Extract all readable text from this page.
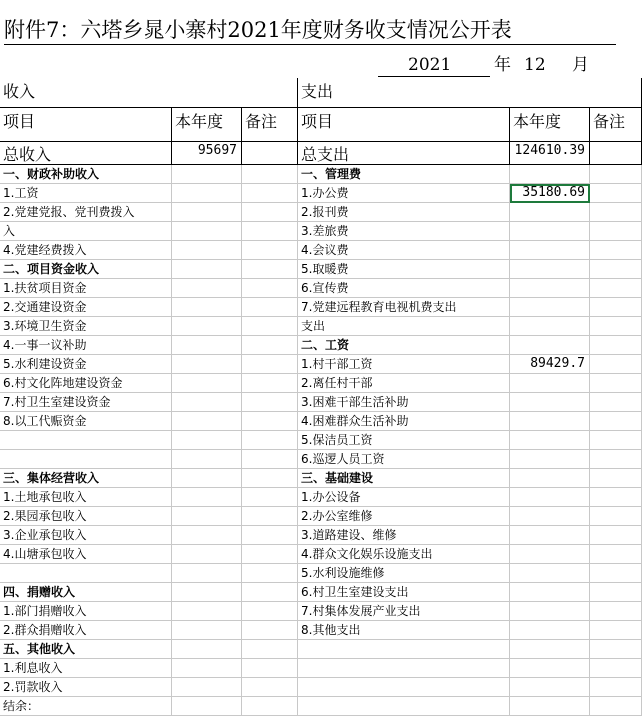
附件7：六塔乡晁小寨村2021年度财务收支情况公开表
2021	年 12 月
收入	支出
项目	本年度	备注	项目	本年度	备注
总收入	95697	总支出	124610.39
一、财政补助收入	一、管理费
1.工资	1.办公费	35180.69
2.党建党报、党刊费拨入	2.报刊费
入	3.差旅费
4.党建经费拨入	4.会议费
二、项目资金收入	5.取暖费
1.扶贫项目资金	6.宣传费
2.交通建设资金	7.党建远程教育电视机费支出
3.环境卫生资金	支出
4.一事一议补助	二、工资
5.水利建设资金	1.村干部工资	89429.7
6.村文化阵地建设资金	2.离任村干部
7.村卫生室建设资金	3.困难干部生活补助
8.以工代赈资金	4.困难群众生活补助
5.保洁员工资
6.巡逻人员工资
三、集体经营收入	三、基础建设
1.土地承包收入	1.办公设备
2.果园承包收入	2.办公室维修
3.企业承包收入	3.道路建设、维修
4.山塘承包收入	4.群众文化娱乐设施支出
5.水利设施维修
四、捐赠收入	6.村卫生室建设支出
1.部门捐赠收入	7.村集体发展产业支出
2.群众捐赠收入	8.其他支出
五、其他收入
1.利息收入
2.罚款收入
结余：
